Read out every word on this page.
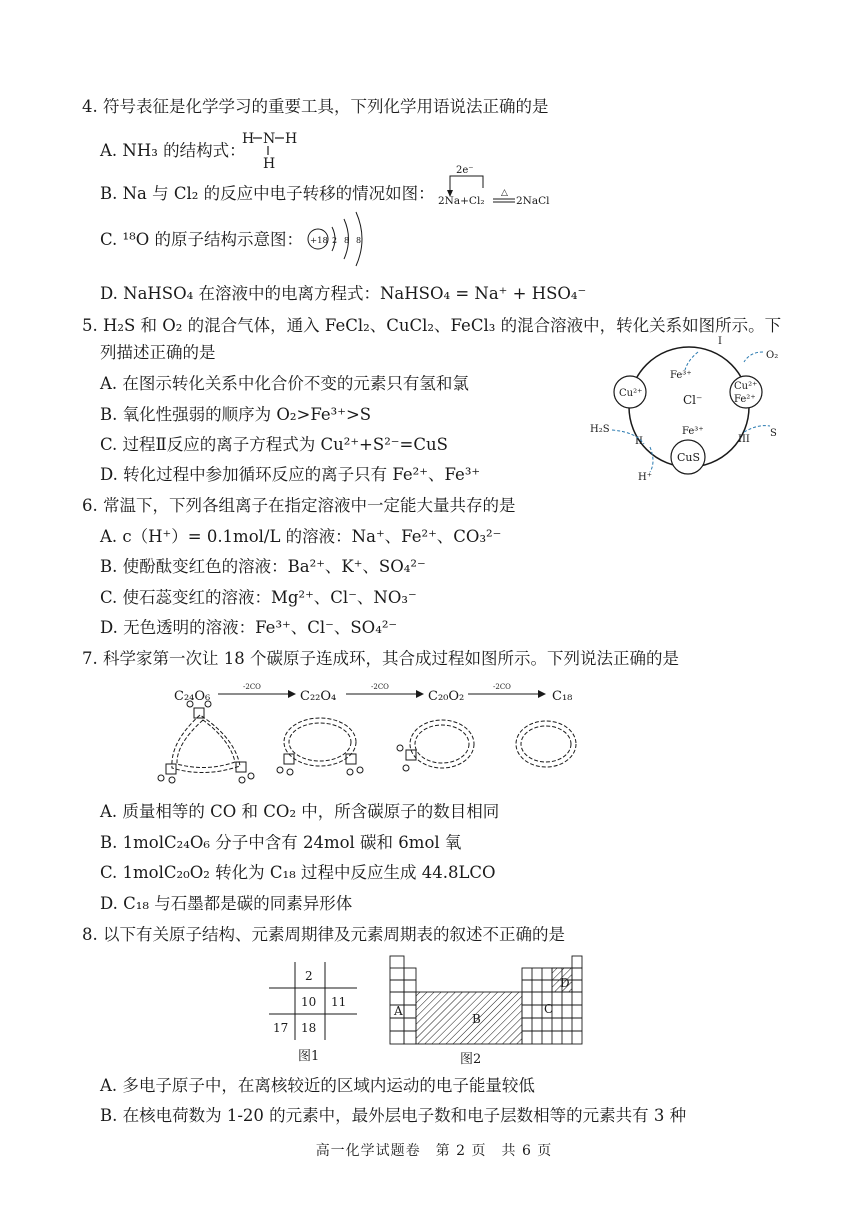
4. 符号表征是化学学习的重要工具，下列化学用语说法正确的是
A. NH₃ 的结构式：
H N H
H
B. Na 与 Cl₂ 的反应中电子转移的情况如图：
2e⁻
2Na+Cl₂
△
2NaCl
C. ¹⁸O 的原子结构示意图： +18 2 8 8
D. NaHSO₄ 在溶液中的电离方程式：NaHSO₄ = Na⁺ + HSO₄⁻
5. H₂S 和 O₂ 的混合气体，通入 FeCl₂、CuCl₂、FeCl₃ 的混合溶液中，转化关系如图所示。下
列描述正确的是
A. 在图示转化关系中化合价不变的元素只有氢和氯
B. 氧化性强弱的顺序为 O₂>Fe³⁺>S
C. 过程Ⅱ反应的离子方程式为 Cu²⁺+S²⁻=CuS
D. 转化过程中参加循环反应的离子只有 Fe²⁺、Fe³⁺
Cu²⁺
Cu²⁺
Fe²⁺
CuS
Cl⁻
I
O₂
Fe³⁺
H₂S
II
H⁺
Fe³⁺
III
S
6. 常温下，下列各组离子在指定溶液中一定能大量共存的是
A. c（H⁺）= 0.1mol/L 的溶液：Na⁺、Fe²⁺、CO₃²⁻
B. 使酚酞变红色的溶液：Ba²⁺、K⁺、SO₄²⁻
C. 使石蕊变红的溶液：Mg²⁺、Cl⁻、NO₃⁻
D. 无色透明的溶液：Fe³⁺、Cl⁻、SO₄²⁻
7. 科学家第一次让 18 个碳原子连成环，其合成过程如图所示。下列说法正确的是
C₂₄O₆
-2CO
C₂₂O₄
-2CO
C₂₀O₂
-2CO
C₁₈
A. 质量相等的 CO 和 CO₂ 中，所含碳原子的数目相同
B. 1molC₂₄O₆ 分子中含有 24mol 碳和 6mol 氧
C. 1molC₂₀O₂ 转化为 C₁₈ 过程中反应生成 44.8LCO
D. C₁₈ 与石墨都是碳的同素异形体
8. 以下有关原子结构、元素周期律及元素周期表的叙述不正确的是
2
10 11
17 18
图1
A
B
C
D
图2
A. 多电子原子中，在离核较近的区域内运动的电子能量较低
B. 在核电荷数为 1-20 的元素中，最外层电子数和电子层数相等的元素共有 3 种
高一化学试题卷　第 2 页　共 6 页
